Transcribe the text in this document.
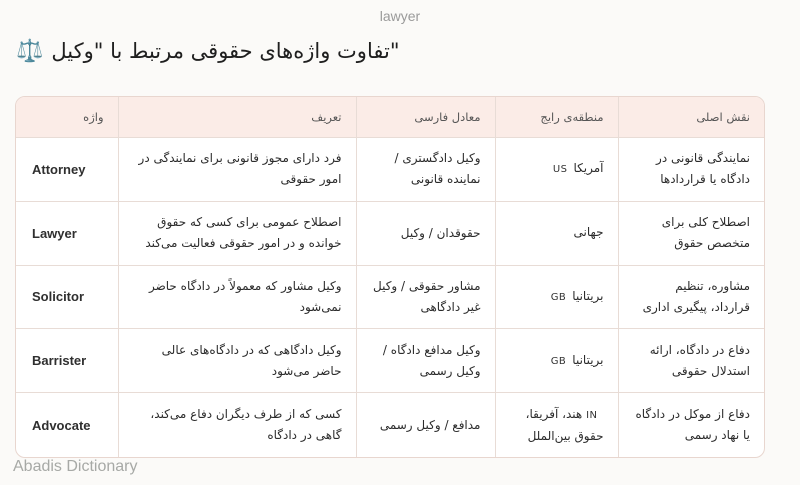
lawyer
"تفاوت واژه‌های حقوقی مرتبط با "وکیل
⚖️
نقش اصلی	منطقه‌ی رایج	معادل فارسی	تعریف	واژه
نمایندگی قانونی در دادگاه یا قراردادها	آمریکاUS	وکیل دادگستری / نماینده قانونی	فرد دارای مجوز قانونی برای نمایندگی در امور حقوقی	Attorney
اصطلاح کلی برای متخصص حقوق	جهانی	حقوقدان / وکیل	اصطلاح عمومی برای کسی که حقوق خوانده و در امور حقوقی فعالیت می‌کند	Lawyer
مشاوره، تنظیم قرارداد، پیگیری اداری	بریتانیاGB	مشاور حقوقی / وکیل غیر دادگاهی	وکیل مشاور که معمولاً در دادگاه حاضر نمی‌شود	Solicitor
دفاع در دادگاه، ارائه استدلال حقوقی	بریتانیاGB	وکیل مدافع دادگاه / وکیل رسمی	وکیل دادگاهی که در دادگاه‌های عالی حاضر می‌شود	Barrister
دفاع از موکل در دادگاه یا نهاد رسمی	IN هند، آفریقا، حقوق بین‌الملل	مدافع / وکیل رسمی	کسی که از طرف دیگران دفاع می‌کند، گاهی در دادگاه	Advocate
Abadis Dictionary
